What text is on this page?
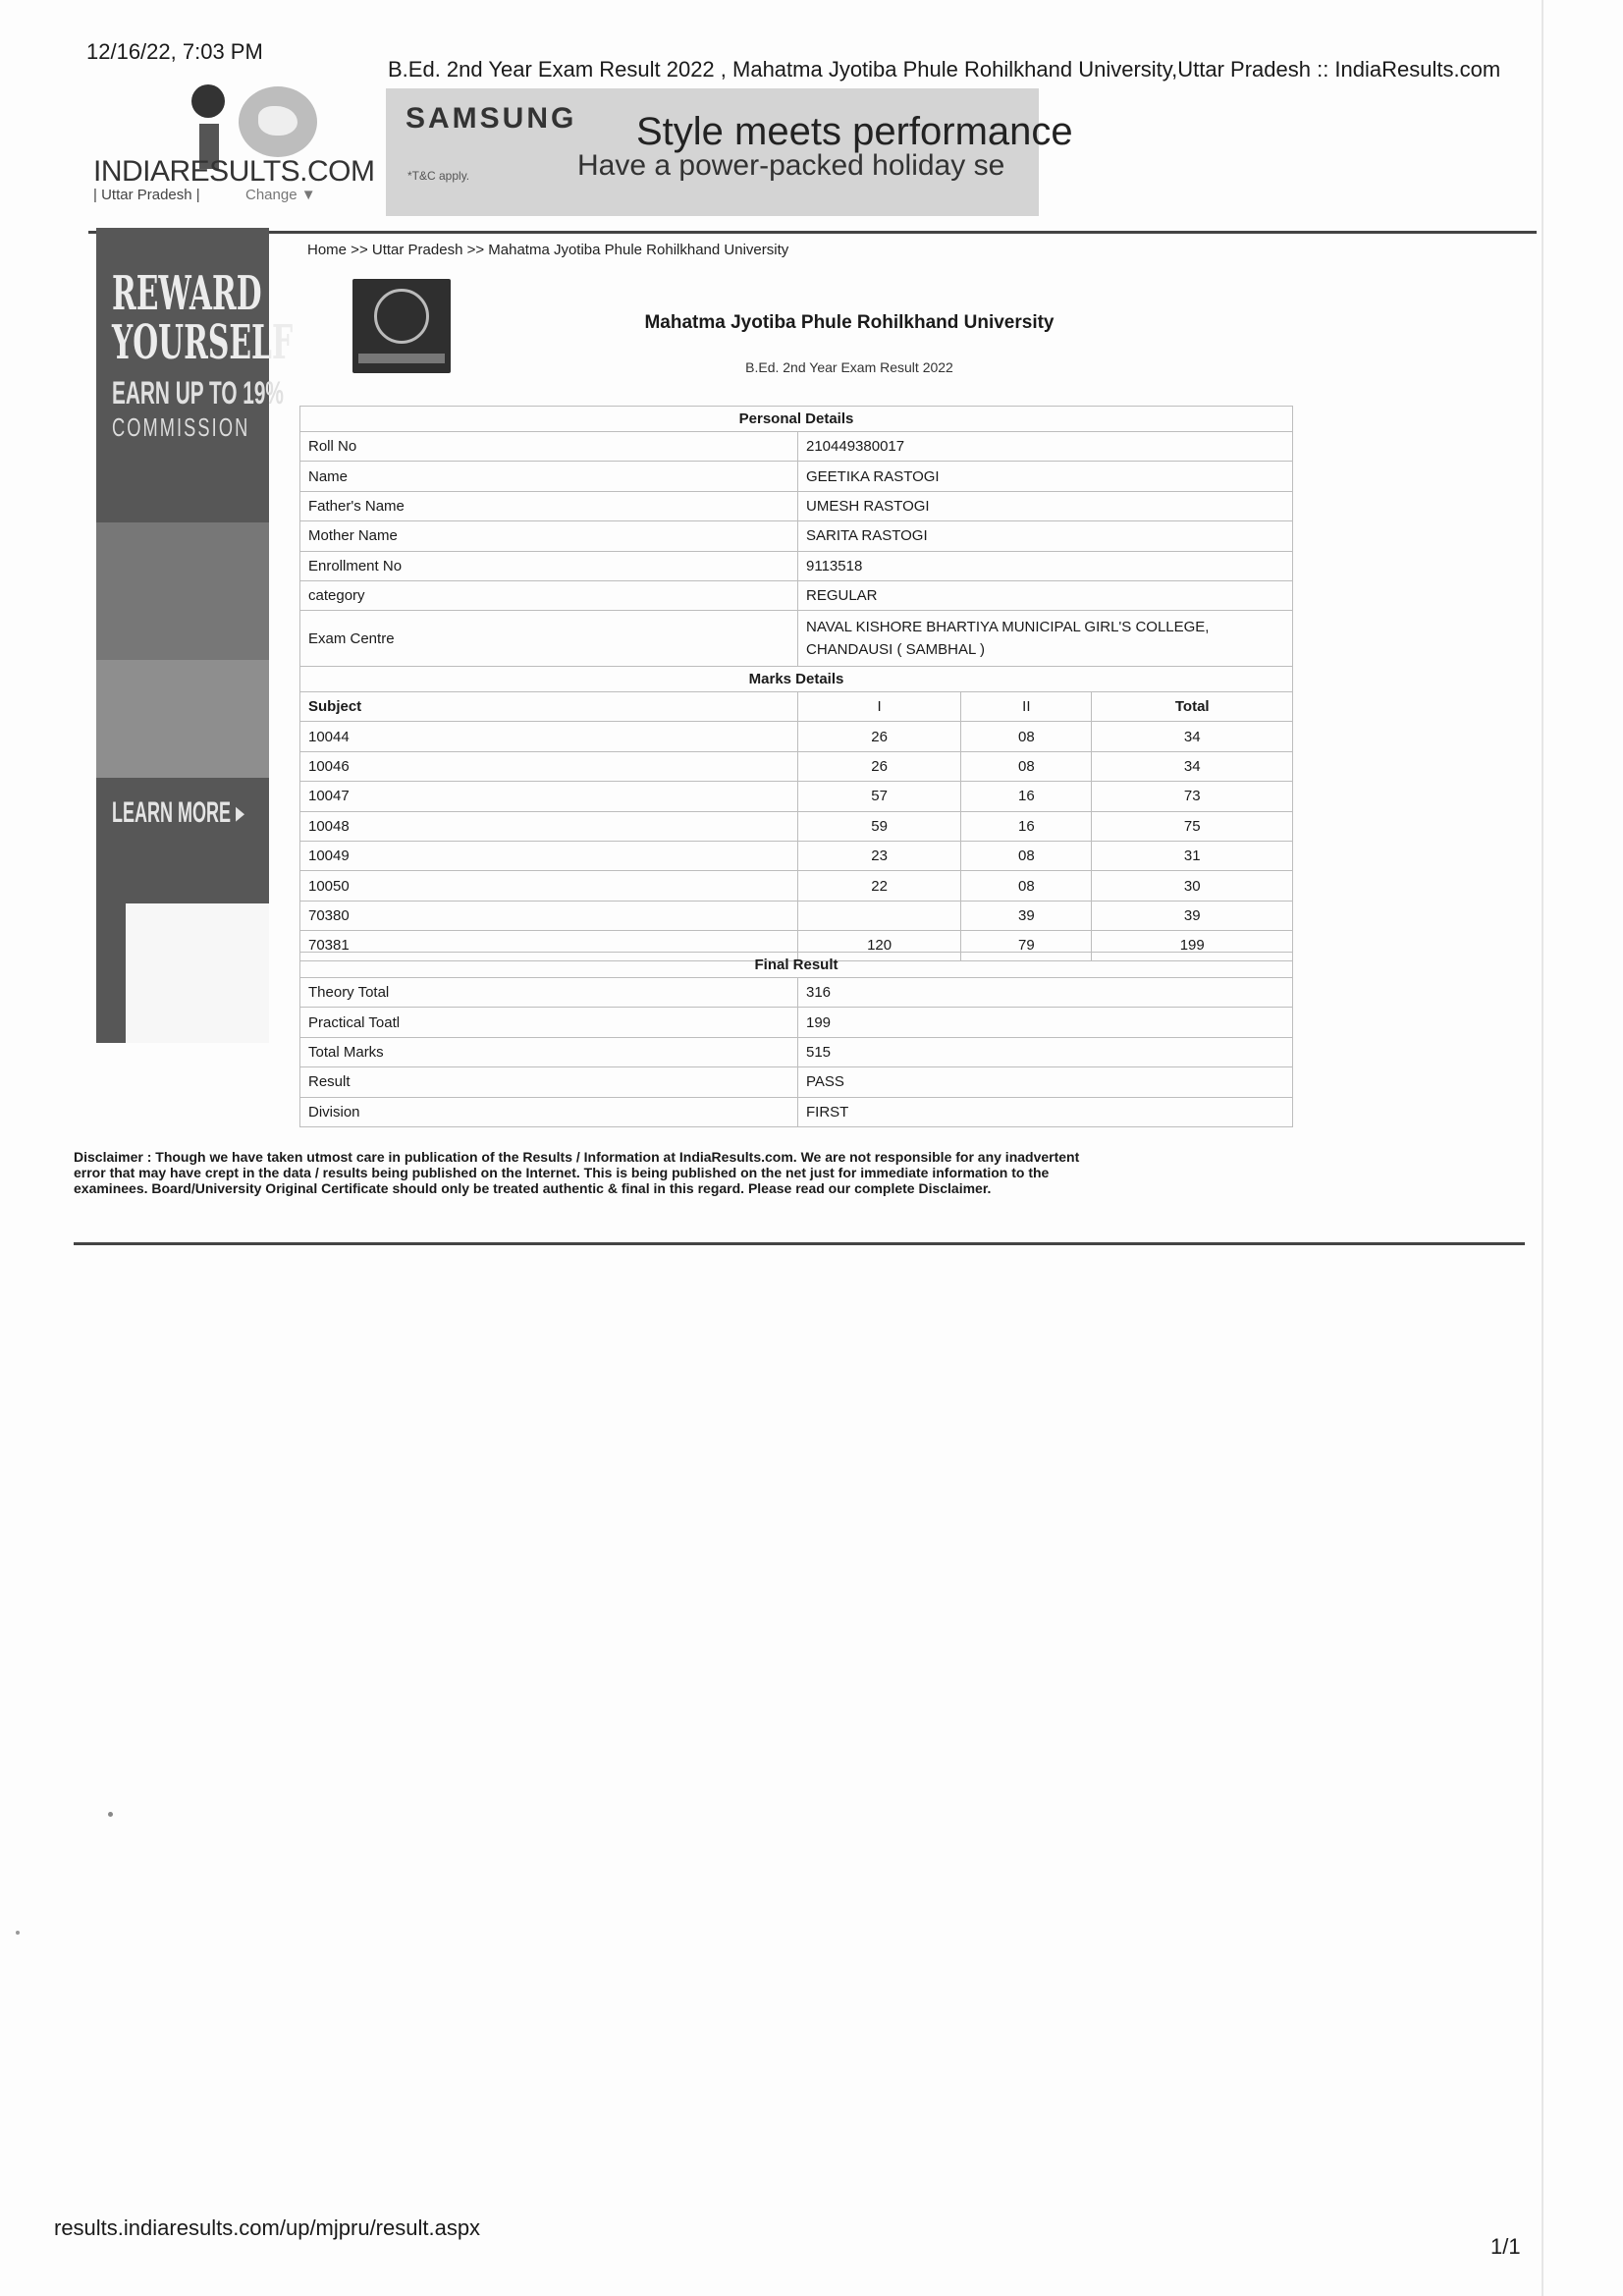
12/16/22, 7:03 PM
B.Ed. 2nd Year Exam Result 2022 , Mahatma Jyotiba Phule Rohilkhand University,Uttar Pradesh :: IndiaResults.com
results.indiaresults.com/up/mjpru/result.aspx
1/1
INDIARESULTS.COM
| Uttar Pradesh |	Change ▼
SAMSUNG Style meets performance
Have a power-packed holiday se
*T&C apply.
REWARD
YOURSELF
EARN UP TO 19%
COMMISSION
LEARN MORE ▸
Home >> Uttar Pradesh >> Mahatma Jyotiba Phule Rohilkhand University
Mahatma Jyotiba Phule Rohilkhand University
B.Ed. 2nd Year Exam Result 2022
Personal Details	
Roll No	210449380017
Name	GEETIKA RASTOGI
Father's Name	UMESH RASTOGI
Mother Name	SARITA RASTOGI
Enrollment No	9113518
category	REGULAR
Exam Centre	NAVAL KISHORE BHARTIYA MUNICIPAL GIRL'S COLLEGE,
CHANDAUSI ( SAMBHAL )
Marks Details			
Subject	I	II	Total
10044	26	08	34
10046	26	08	34
10047	57	16	73
10048	59	16	75
10049	23	08	31
10050	22	08	30
70380		39	39
70381	120	79	199
Final Result	
Theory Total	316
Practical Toatl	199
Total Marks	515
Result	PASS
Division	FIRST
Disclaimer : Though we have taken utmost care in publication of the Results / Information at IndiaResults.com. We are not responsible for any inadvertent error that may have crept in the data / results being published on the Internet. This is being published on the net just for immediate information to the examinees. Board/University Original Certificate should only be treated authentic & final in this regard. Please read our complete Disclaimer.
